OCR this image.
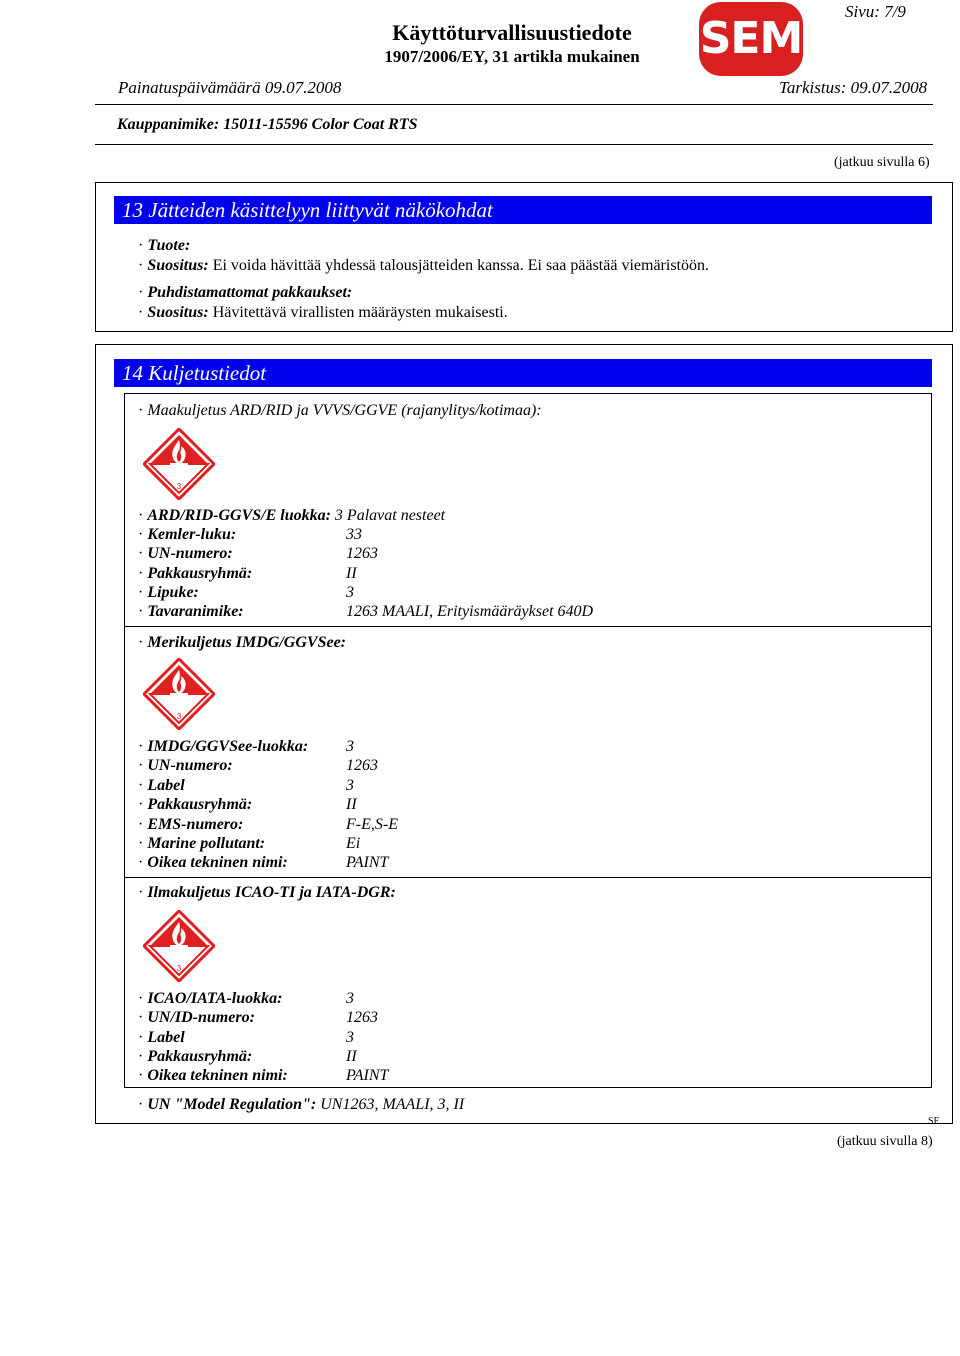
Käyttöturvallisuustiedote
1907/2006/EY, 31 artikla mukainen	SEM
Sivu: 7/9
Painatuspäivämäärä 09.07.2008	Tarkistus: 09.07.2008
Kauppanimike: 15011-15596 Color Coat RTS
(jatkuu sivulla 6)
13 Jätteiden käsittelyyn liittyvät näkökohdat
· Tuote:
· Suositus: Ei voida hävittää yhdessä talousjätteiden kanssa. Ei saa päästää viemäristöön.
· Puhdistamattomat pakkaukset:
· Suositus: Hävitettävä virallisten määräysten mukaisesti.
14 Kuljetustiedot
· Maakuljetus ARD/RID ja VVVS/GGVE (rajanylitys/kotimaa):
3
· ARD/RID-GGVS/E luokka: 3 Palavat nesteet
· Kemler-luku:	33
· UN-numero:	1263
· Pakkausryhmä:	II
· Lipuke:	3
· Tavaranimike:	1263 MAALI, Erityismääräykset 640D
· Merikuljetus IMDG/GGVSee:
3
· IMDG/GGVSee-luokka: 3
· UN-numero:	1263
· Label	3
· Pakkausryhmä:	II
· EMS-numero:	F-E,S-E
· Marine pollutant:	Ei
· Oikea tekninen nimi:	PAINT
· Ilmakuljetus ICAO-TI ja IATA-DGR:
3
· ICAO/IATA-luokka:	3
· UN/ID-numero:	1263
· Label	3
· Pakkausryhmä:	II
· Oikea tekninen nimi:	PAINT
· UN "Model Regulation": UN1263, MAALI, 3, II
SF
(jatkuu sivulla 8)
